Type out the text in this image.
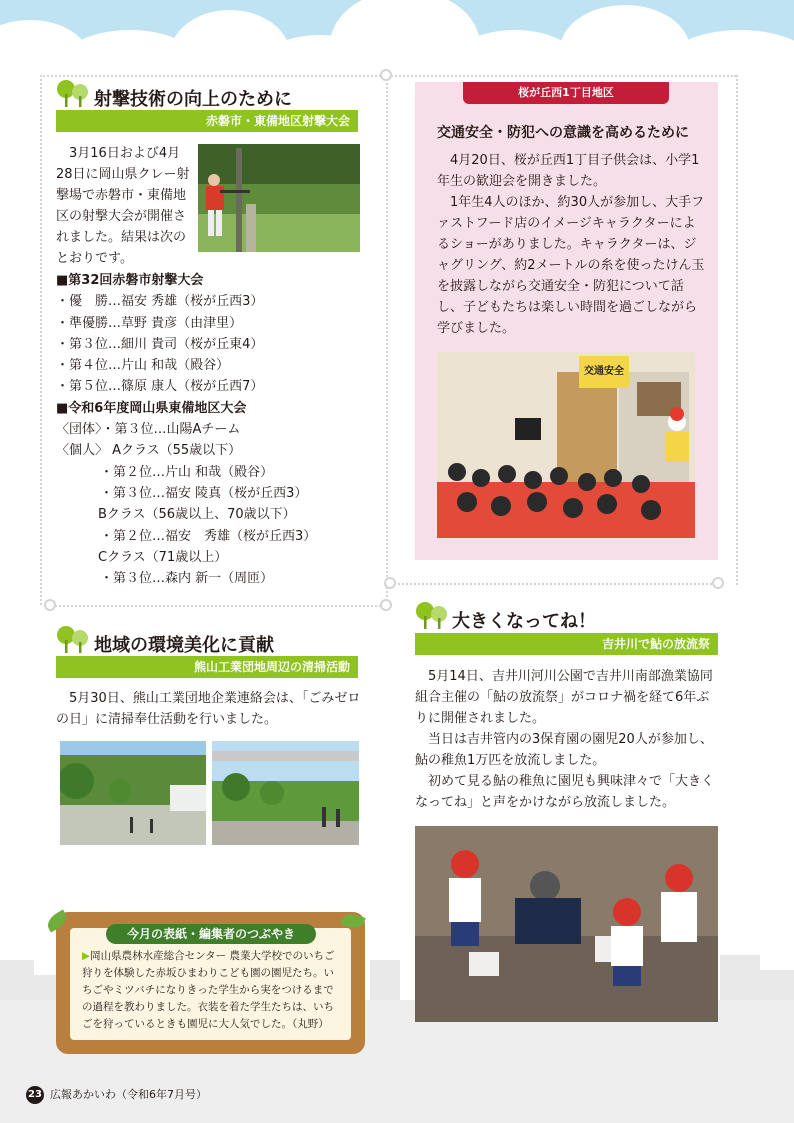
射撃技術の向上のために
赤磐市・東備地区射撃大会

3月16日および4月28日に岡山県クレー射撃場で赤磐市・東備地区の射撃大会が開催されました。結果は次のとおりです。

■第32回赤磐市射撃大会
・優　勝…福安 秀雄（桜が丘西3）
・準優勝…草野 貴彦（由津里）
・第３位…細川 貴司（桜が丘東4）
・第４位…片山 和哉（殿谷）
・第５位…篠原 康人（桜が丘西7）
■令和6年度岡山県東備地区大会
〈団体〉・第３位…山陽Aチーム
〈個人〉 Aクラス（55歳以下）
・第２位…片山 和哉（殿谷）
・第３位…福安 陵真（桜が丘西3）
Bクラス（56歳以上、70歳以下）
・第２位…福安　秀雄（桜が丘西3）
Cクラス（71歳以上）
・第３位…森内 新一（周匝）
桜が丘西1丁目地区
交通安全・防犯への意識を高めるために

4月20日、桜が丘西1丁目子供会は、小学1年生の歓迎会を開きました。

1年生4人のほか、約30人が参加し、大手ファストフード店のイメージキャラクターによるショーがありました。キャラクターは、ジャグリング、約2メートルの糸を使ったけん玉を披露しながら交通安全・防犯について話し、子どもたちは楽しい時間を過ごしながら学びました。

交通安全
地域の環境美化に貢献
熊山工業団地周辺の清掃活動

5月30日、熊山工業団地企業連絡会は、「ごみゼロの日」に清掃奉仕活動を行いました。

大きくなってね！
吉井川で鮎の放流祭

5月14日、吉井川河川公園で吉井川南部漁業協同組合主催の「鮎の放流祭」がコロナ禍を経て6年ぶりに開催されました。

当日は吉井管内の3保育園の園児20人が参加し、鮎の稚魚1万匹を放流しました。

初めて見る鮎の稚魚に園児も興味津々で「大きくなってね」と声をかけながら放流しました。

今月の表紙・編集者のつぶやき
▶岡山県農林水産総合センター 農業大学校でのいちご狩りを体験した赤坂ひまわりこども園の園児たち。いちごやミツバチになりきった学生から実をつけるまでの過程を教わりました。衣装を着た学生たちは、いちごを狩っているときも園児に大人気でした。（丸野）
23 広報あかいわ（令和6年7月号）
